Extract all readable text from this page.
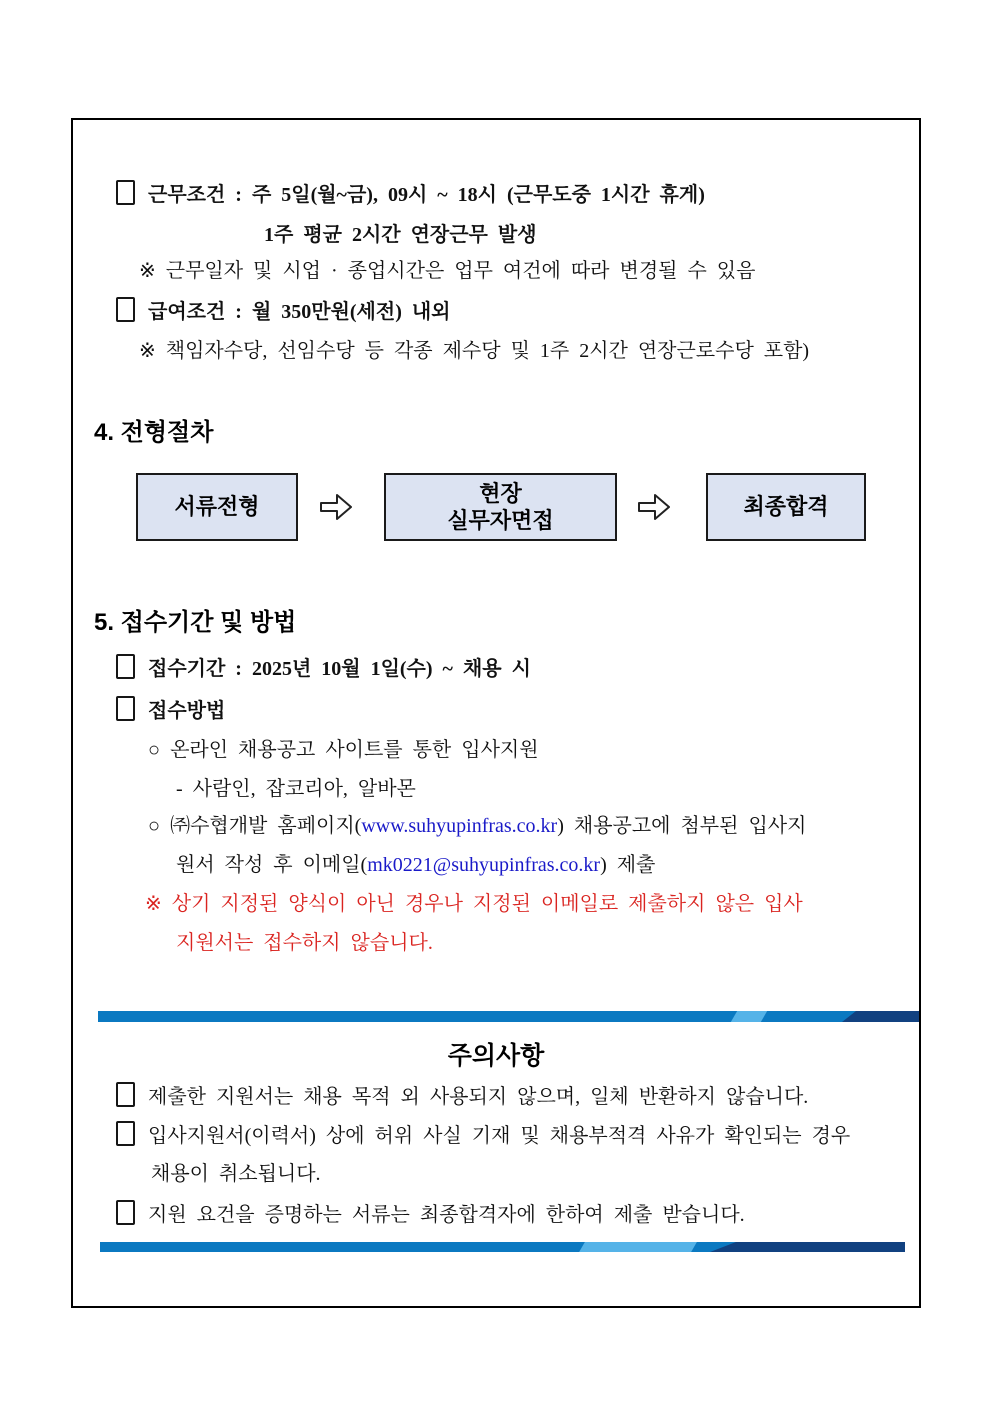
근무조건 : 주 5일(월~금), 09시 ~ 18시 (근무도중 1시간 휴게)
1주 평균 2시간 연장근무 발생
※ 근무일자 및 시업 · 종업시간은 업무 여건에 따라 변경될 수 있음
급여조건 : 월 350만원(세전) 내외
※ 책임자수당, 선임수당 등 각종 제수당 및 1주 2시간 연장근로수당 포함)
4. 전형절차
서류전형
현장
실무자면접
최종합격
5. 접수기간 및 방법
접수기간 : 2025년 10월 1일(수) ~ 채용 시
접수방법
○ 온라인 채용공고 사이트를 통한 입사지원
- 사람인, 잡코리아, 알바몬
○ ㈜수협개발 홈페이지(www.suhyupinfras.co.kr) 채용공고에 첨부된 입사지
원서 작성 후 이메일(mk0221@suhyupinfras.co.kr) 제출
※ 상기 지정된 양식이 아닌 경우나 지정된 이메일로 제출하지 않은 입사
지원서는 접수하지 않습니다.
주의사항
제출한 지원서는 채용 목적 외 사용되지 않으며, 일체 반환하지 않습니다.
입사지원서(이력서) 상에 허위 사실 기재 및 채용부적격 사유가 확인되는 경우
채용이 취소됩니다.
지원 요건을 증명하는 서류는 최종합격자에 한하여 제출 받습니다.
